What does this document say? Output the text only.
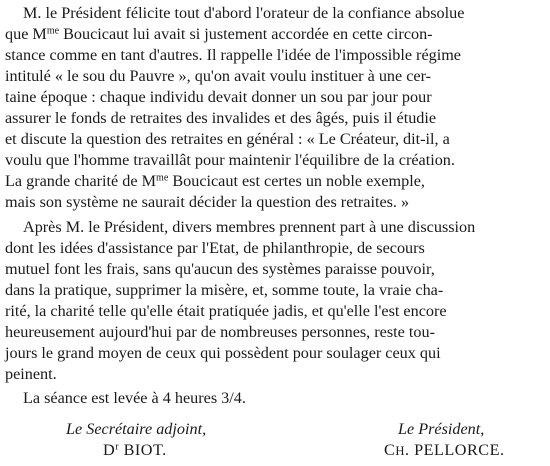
M. le Président félicite tout d'abord l'orateur de la confiance absolue
que $M^{me}$ Boucicaut lui avait si justement accordée en cette circon-
stance comme en tant d'autres. Il rappelle l'idée de l'impossible régime
intitulé « le sou du Pauvre », qu'on avait voulu instituer à une cer-
taine époque : chaque individu devait donner un sou par jour pour
assurer le fonds de retraites des invalides et des âgés, puis il étudie
et discute la question des retraites en général : « Le Créateur, dit-il, a
voulu que l'homme travaillât pour maintenir l'équilibre de la création.
La grande charité de $M^{me}$ Boucicaut est certes un noble exemple,
mais son système ne saurait décider la question des retraites. »
Après M. le Président, divers membres prennent part à une discussion
dont les idées d'assistance par l'Etat, de philanthropie, de secours
mutuel font les frais, sans qu'aucun des systèmes paraisse pouvoir,
dans la pratique, supprimer la misère, et, somme toute, la vraie cha-
rité, la charité telle qu'elle était pratiquée jadis, et qu'elle l'est encore
heureusement aujourd'hui par de nombreuses personnes, reste tou-
jours le grand moyen de ceux qui possèdent pour soulager ceux qui
peinent.
La séance est levée à 4 heures 3/4.
Le Secrétaire adjoint,
$D^r$ BIOT.
Le Président,
CH. PELLORCE.
